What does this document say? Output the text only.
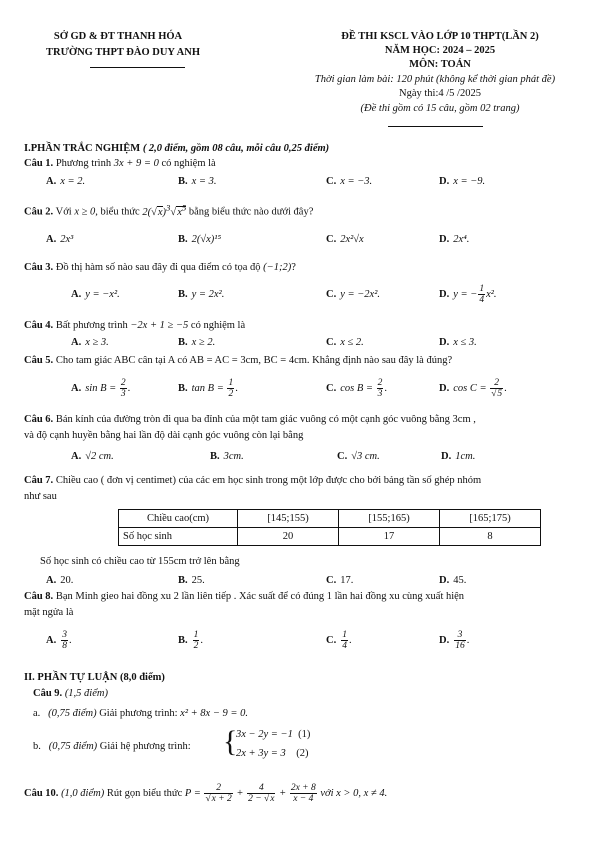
SỞ GD & ĐT THANH HÓA
TRƯỜNG THPT ĐÀO DUY ANH
ĐỀ THI KSCL VÀO LỚP 10 THPT(LẦN 2)
NĂM HỌC: 2024 – 2025
MÔN: TOÁN
Thời gian làm bài: 120 phút (không kể thời gian phát đề)
Ngày thi:4 /5 /2025
(Đề thi gồm có 15 câu, gồm 02 trang)
I.PHẦN TRẮC NGHIỆM ( 2,0 điểm, gồm 08 câu, mỗi câu 0,25 điểm)
Câu 1. Phương trình 3x + 9 = 0 có nghiệm là
A. x = 2.	B. x = 3.	C. x = −3.	D. x = −9.
Câu 2. Với x ≥ 0, biểu thức $2(√x)^3√x^5$ bằng biểu thức nào dưới đây?
A. 2x³	B. 2(√x)¹⁵	C. 2x²√x	D. 2x⁴.
Câu 3. Đồ thị hàm số nào sau đây đi qua điểm có tọa độ (−1;2)?
A. y = −x².	B. y = 2x².	C. y = −2x².	D. y = − $\frac{1}{4} x^2$.
Câu 4. Bất phương trình −2x + 1 ≥ −5 có nghiệm là
A. x ≥ 3.	B. x ≥ 2.	C. x ≤ 2.	D. x ≤ 3.
Câu 5. Cho tam giác ABC cân tại A có AB = AC = 3cm, BC = 4cm. Khẳng định nào sau đây là đúng?
A. $\sin B = \frac{2}{3}$ .	B. $\tan B = \frac{1}{2}$ .	C. $\cos B = \frac{2}{3}$ .	D. $\cos C = \frac{2}{√5}$ .
Câu 6. Bán kính của đường tròn đi qua ba đỉnh của một tam giác vuông có một cạnh góc vuông bằng 3cm ,
và độ cạnh huyền bằng hai lần độ dài cạnh góc vuông còn lại bằng
A. √2 cm.	B. 3cm.	C. √3 cm.	D. 1cm.
Câu 7. Chiều cao ( đơn vị centimet) của các em học sinh trong một lớp được cho bởi bảng tần số ghép nhóm
như sau
Chiều cao(cm)	[145;155)	[155;165)	[165;175)
Số học sinh	20	17	8
Số học sinh có chiều cao từ 155cm trở lên bằng
A. 20.	B. 25.	C. 17.	D. 45.
Câu 8. Bạn Minh gieo hai đồng xu 2 lần liên tiếp . Xác suất để có đúng 1 lần hai đồng xu cùng xuất hiện
mặt ngửa là
A. $\frac{3}{8}$ .	B. $\frac{1}{2}$ .	C. $\frac{1}{4}$ .	D. $\frac{3}{16}$ .
II. PHẦN TỰ LUẬN (8,0 điểm)
Câu 9. (1,5 điểm)
a. (0,75 điểm) Giải phương trình: x² + 8x − 9 = 0.
b. (0,75 điểm) Giải hệ phương trình: {
3x − 2y = −1 (1)
2x + 3y = 3 (2)
Câu 10. (1,0 điểm) Rút gọn biểu thức $P = \frac{2}{√x + 2} + \frac{4}{2 - √x} + \frac{2x + 8}{x - 4}$ với x > 0, x ≠ 4.
